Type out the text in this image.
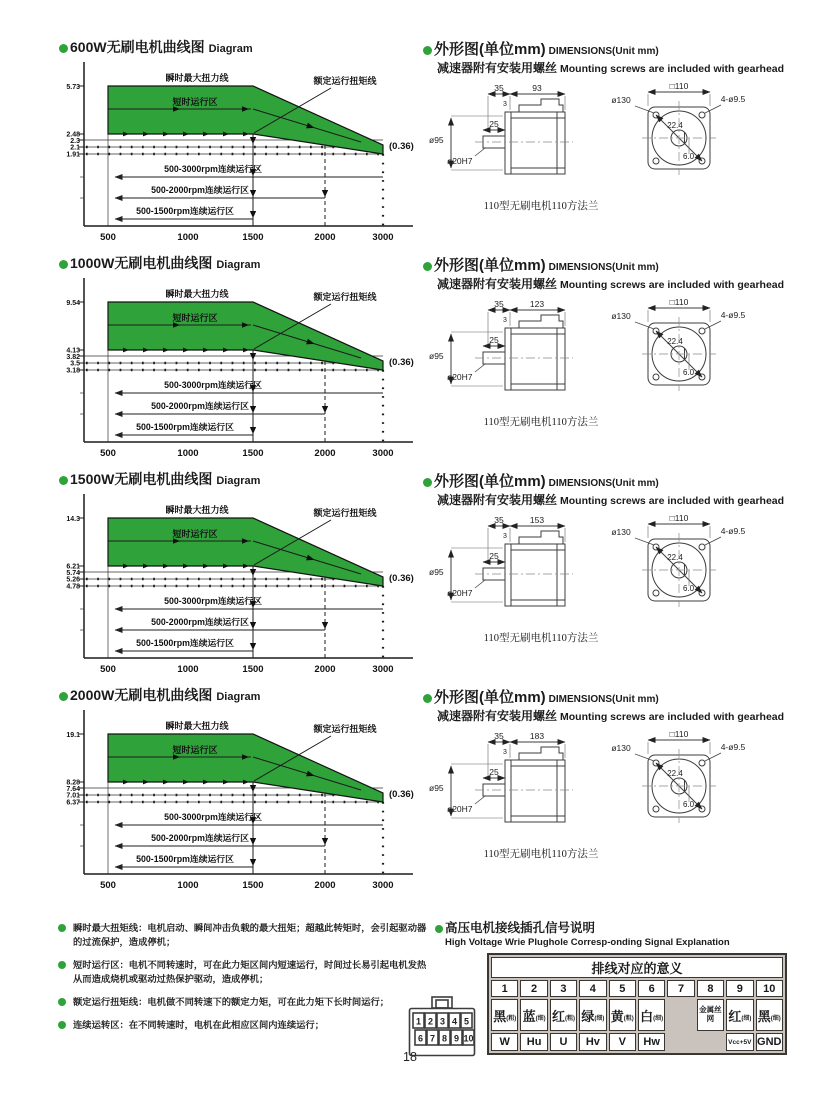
600W无刷电机曲线图 Diagram
瞬时最大扭力线	额定运行扭矩线
短时运行区
(0.36)
5.73
2.48
2.3
2.1
1.91
500-3000rpm连续运行区
500-2000rpm连续运行区
500-1500rpm连续运行区
500	1000	1500	2000	3000
外形图(单位mm) DIMENSIONS(Unit mm)
减速器附有安装用螺丝 Mounting screws are included with gearhead
35	93
3
25
ø95
ø20H7
□110
ø130	4-ø9.5
22.4
6.0
110型无刷电机110方法兰
1000W无刷电机曲线图 Diagram
瞬时最大扭力线	额定运行扭矩线
短时运行区
(0.36)
9.54
4.13
3.82
3.5
3.18
500-3000rpm连续运行区
500-2000rpm连续运行区
500-1500rpm连续运行区
500	1000	1500	2000	3000
外形图(单位mm) DIMENSIONS(Unit mm)
减速器附有安装用螺丝 Mounting screws are included with gearhead
35	123
3
25
ø95
ø20H7
□110
ø130	4-ø9.5
22.4
6.0
110型无刷电机110方法兰
1500W无刷电机曲线图 Diagram
瞬时最大扭力线	额定运行扭矩线
短时运行区
(0.36)
14.3
6.21
5.74
5.26
4.78
500-3000rpm连续运行区
500-2000rpm连续运行区
500-1500rpm连续运行区
500	1000	1500	2000	3000
外形图(单位mm) DIMENSIONS(Unit mm)
减速器附有安装用螺丝 Mounting screws are included with gearhead
35	153
3
25
ø95
ø20H7
□110
ø130	4-ø9.5
22.4
6.0
110型无刷电机110方法兰
2000W无刷电机曲线图 Diagram
瞬时最大扭力线	额定运行扭矩线
短时运行区
(0.36)
19.1
8.28
7.64
7.01
6.37
500-3000rpm连续运行区
500-2000rpm连续运行区
500-1500rpm连续运行区
500	1000	1500	2000	3000
外形图(单位mm) DIMENSIONS(Unit mm)
减速器附有安装用螺丝 Mounting screws are included with gearhead
35	183
3
25
ø95
ø20H7
□110
ø130	4-ø9.5
22.4
6.0
110型无刷电机110方法兰
瞬时最大扭矩线：电机启动、瞬间冲击负载的最大扭矩；超越此转矩时，会引起驱动器的过流保护，造成停机；
短时运行区：电机不同转速时，可在此力矩区间内短速运行，时间过长易引起电机发热从而造成烧机或驱动过热保护驱动，造成停机；
额定运行扭矩线：电机做不同转速下的额定力矩，可在此力矩下长时间运行；
连续运转区：在不同转速时，电机在此相应区间内连续运行；
高压电机接线插孔信号说明
High Voltage Wrie Plughole Corresp-onding Signal Explanation
1 2 3 4 5
6 7 8 9 10
排线对应的意义									
1	2	3	4	5	6	7	8	9	10
黑(粗)	蓝(细)	红(粗)	绿(细)	黄(粗)	白(细)		金属丝网	红(细)	黑(细)
W	Hu	U	Hv	V	Hw			Vcc+5V	GND
18
